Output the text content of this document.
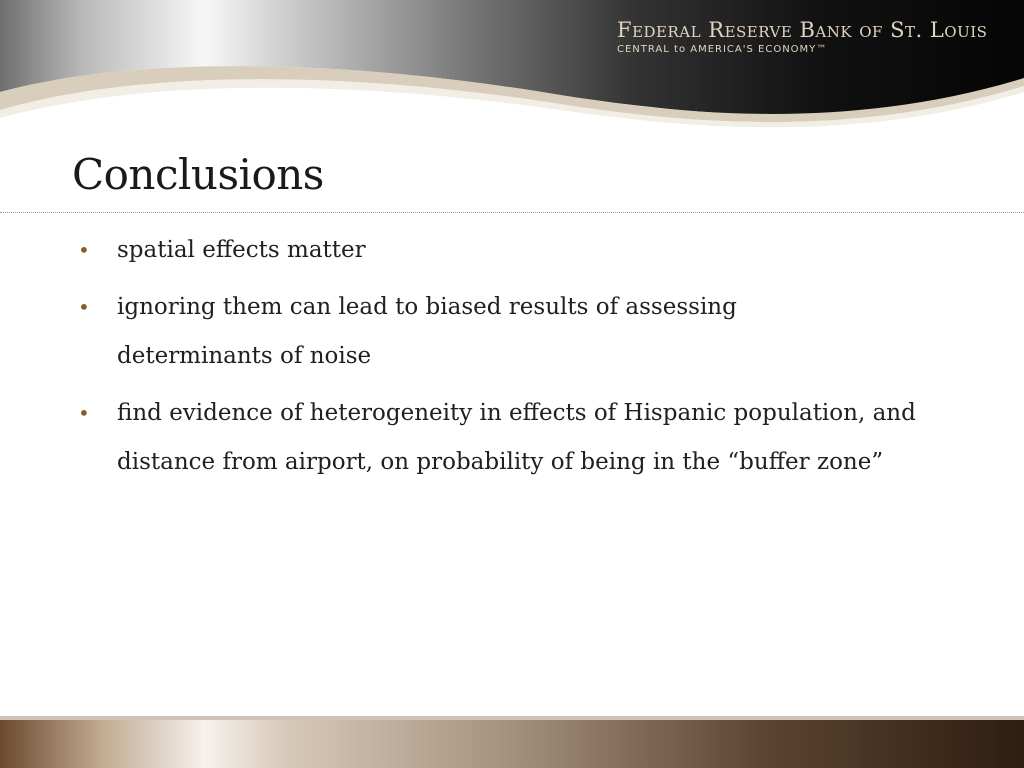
Federal Reserve Bank of St. Louis
CENTRAL to AMERICA'S ECONOMY™
Conclusions
• spatial effects matter
• ignoring them can lead to biased results of assessing determinants of noise
• find evidence of heterogeneity in effects of Hispanic population, and distance from airport, on probability of being in the “buffer zone”
